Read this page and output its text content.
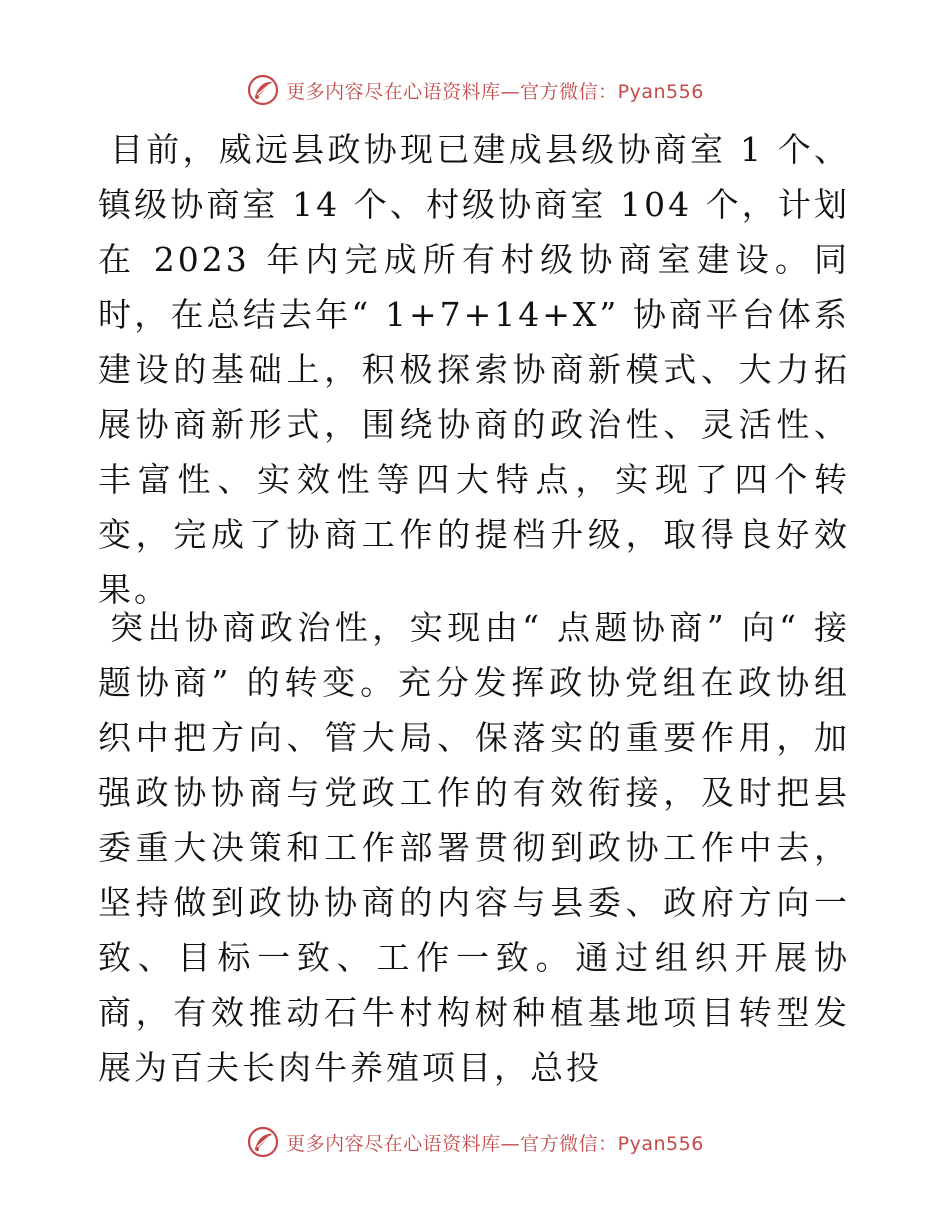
更多内容尽在心语资料库—官方微信：Pyan556
目前，威远县政协现已建成县级协商室 1 个、镇级协商室 14 个、村级协商室 104 个，计划在 2023 年内完成所有村级协商室建设。同时，在总结去年“ 1+7+14+X” 协商平台体系建设的基础上，积极探索协商新模式、大力拓展协商新形式，围绕协商的政治性、灵活性、丰富性、实效性等四大特点，实现了四个转变，完成了协商工作的提档升级，取得良好效果。
突出协商政治性，实现由“ 点题协商” 向“ 接题协商” 的转变。充分发挥政协党组在政协组织中把方向、管大局、保落实的重要作用，加强政协协商与党政工作的有效衔接，及时把县委重大决策和工作部署贯彻到政协工作中去，坚持做到政协协商的内容与县委、政府方向一致、目标一致、工作一致。通过组织开展协商，有效推动石牛村构树种植基地项目转型发展为百夫长肉牛养殖项目，总投
更多内容尽在心语资料库—官方微信：Pyan556
